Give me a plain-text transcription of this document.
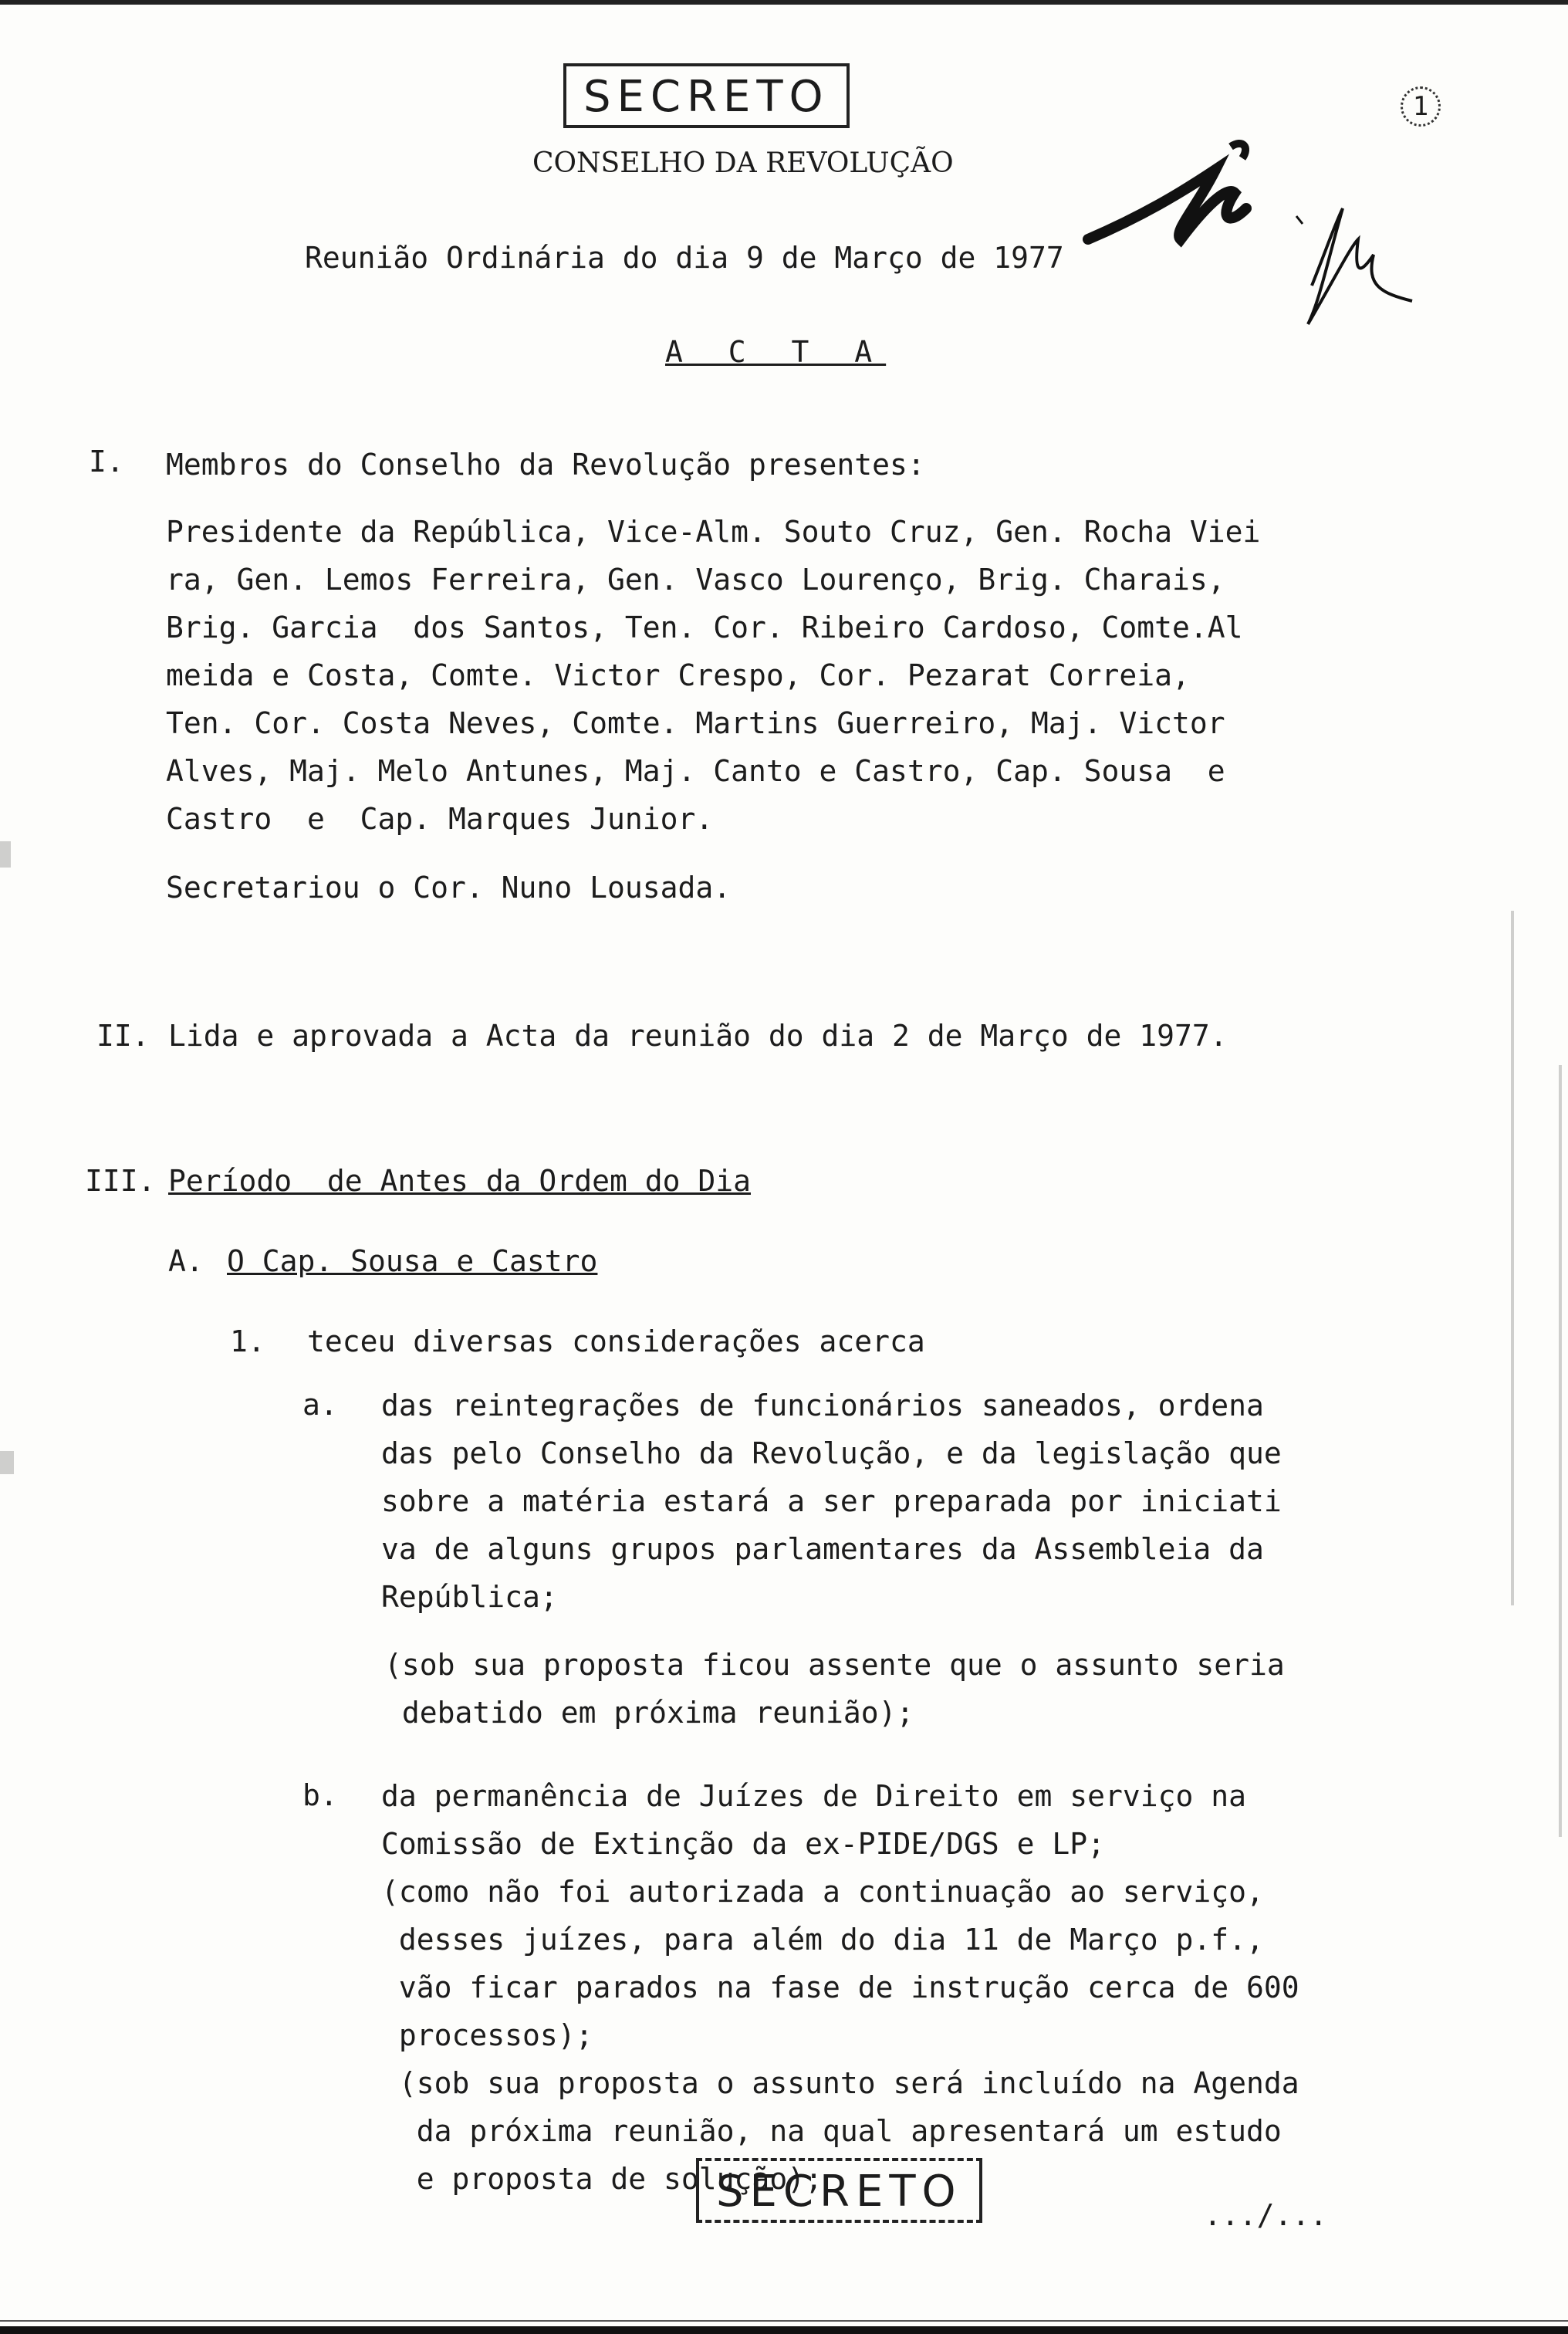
SECRETO	1
CONSELHO DA REVOLUÇÃO
Reunião Ordinária do dia 9 de Março de 1977
A C T A
I. Membros do Conselho da Revolução presentes:
Presidente da República, Vice-Alm. Souto Cruz, Gen. Rocha Viei
ra, Gen. Lemos Ferreira, Gen. Vasco Lourenço, Brig. Charais,
Brig. Garcia  dos Santos, Ten. Cor. Ribeiro Cardoso, Comte.Al
meida e Costa, Comte. Victor Crespo, Cor. Pezarat Correia,
Ten. Cor. Costa Neves, Comte. Martins Guerreiro, Maj. Victor
Alves, Maj. Melo Antunes, Maj. Canto e Castro, Cap. Sousa  e
Castro  e  Cap. Marques Junior.
Secretariou o Cor. Nuno Lousada.
II. Lida e aprovada a Acta da reunião do dia 2 de Março de 1977.
III. Período  de Antes da Ordem do Dia
A. O Cap. Sousa e Castro
1. teceu diversas considerações acerca
a. das reintegrações de funcionários saneados, ordena
das pelo Conselho da Revolução, e da legislação que
sobre a matéria estará a ser preparada por iniciati
va de alguns grupos parlamentares da Assembleia da
República;
(sob sua proposta ficou assente que o assunto seria
debatido em próxima reunião);
b. da permanência de Juízes de Direito em serviço na
Comissão de Extinção da ex-PIDE/DGS e LP;
(como não foi autorizada a continuação ao serviço,
desses juízes, para além do dia 11 de Março p.f.,
vão ficar parados na fase de instrução cerca de 600
processos);
(sob sua proposta o assunto será incluído na Agenda
da próxima reunião, na qual apresentará um estudo
e proposta de solução);
SECRETO	.../...
